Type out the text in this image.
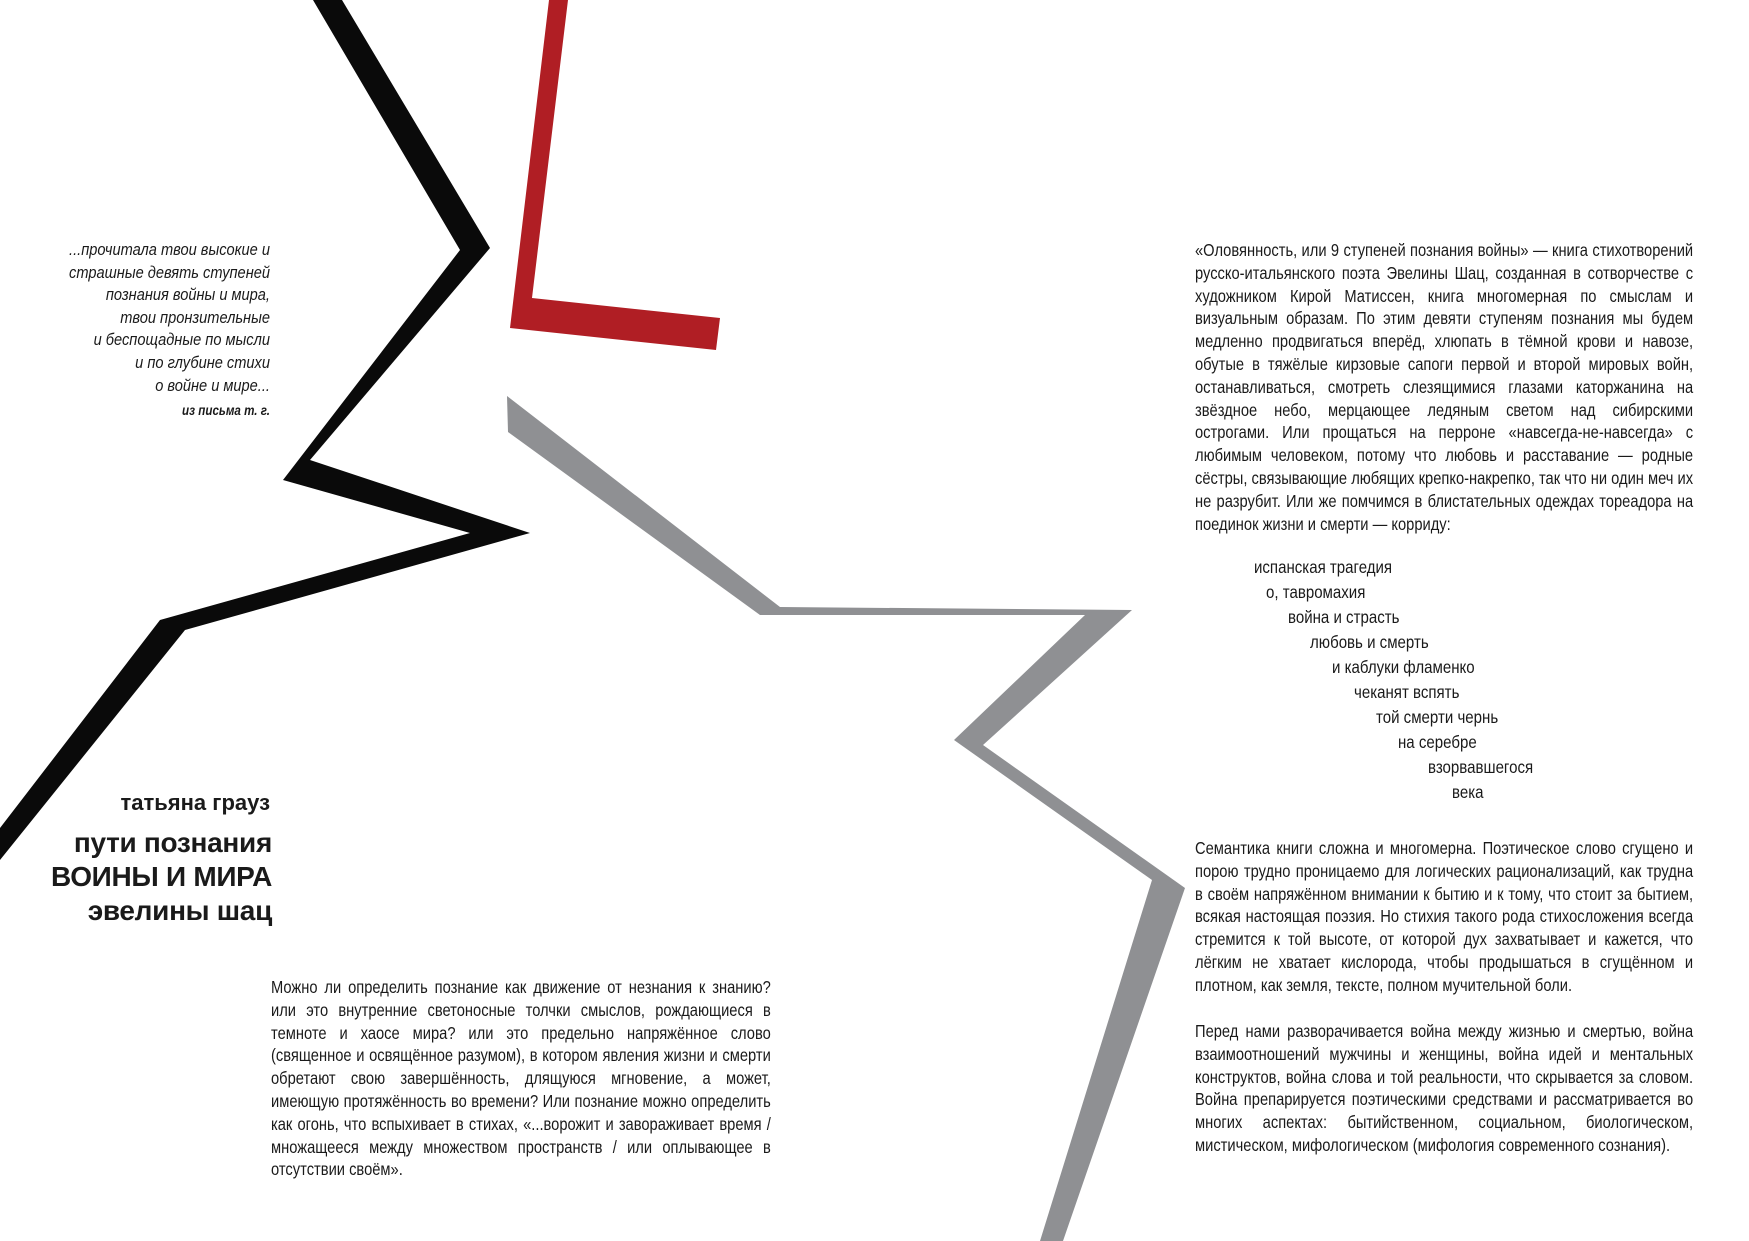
...прочитала твои высокие и
страшные девять ступеней
познания войны и мира,
твои пронзительные
и беспощадные по мысли
и по глубине стихи
о войне и мире...
из письма т. г.
татьяна грауз
пути познания
ВОИНЫ И МИРА
эвелины шац
Можно ли определить познание как движение от незнания к знанию? или это внутренние светоносные толчки смыслов, рождающиеся в темноте и хаосе мира? или это предельно напряжённое слово (священное и освящённое разумом), в котором явления жизни и смерти обретают свою завершённость, длящуюся мгновение, а может, имеющую протяжённость во времени? Или познание можно определить как огонь, что вспыхивает в стихах, «...ворожит и завораживает время / множащееся между множеством пространств / или оплывающее в отсутствии своём».
«Оловянность, или 9 ступеней познания войны» — книга стихотворений русско-итальянского поэта Эвелины Шац, созданная в сотворчестве с художником Кирой Матиссен, книга многомерная по смыслам и визуальным образам. По этим девяти ступеням познания мы будем медленно продвигаться вперёд, хлюпать в тёмной крови и навозе, обутые в тяжёлые кирзовые сапоги первой и второй мировых войн, останавливаться, смотреть слезящимися глазами каторжанина на звёздное небо, мерцающее ледяным светом над сибирскими острогами. Или прощаться на перроне «навсегда-не-навсегда» с любимым человеком, потому что любовь и расставание — родные сёстры, связывающие любящих крепко-накрепко, так что ни один меч их не разрубит. Или же помчимся в блистательных одеждах тореадора на поединок жизни и смерти — корриду:
испанская трагедия
о, тавромахия
война и страсть
любовь и смерть
и каблуки фламенко
чеканят вспять
той смерти чернь
на серебре
взорвавшегося
века
Семантика книги сложна и многомерна. Поэтическое слово сгущено и порою трудно проницаемо для логических рационализаций, как трудна в своём напряжённом внимании к бытию и к тому, что стоит за бытием, всякая настоящая поэзия. Но стихия такого рода стихосложения всегда стремится к той высоте, от которой дух захватывает и кажется, что лёгким не хватает кислорода, чтобы продышаться в сгущённом и плотном, как земля, тексте, полном мучительной боли.
Перед нами разворачивается война между жизнью и смертью, война взаимоотношений мужчины и женщины, война идей и ментальных конструктов, война слова и той реальности, что скрывается за словом. Война препарируется поэтическими средствами и рассматривается во многих аспектах: бытийственном, социальном, биологическом, мистическом, мифологическом (мифология современного сознания).
